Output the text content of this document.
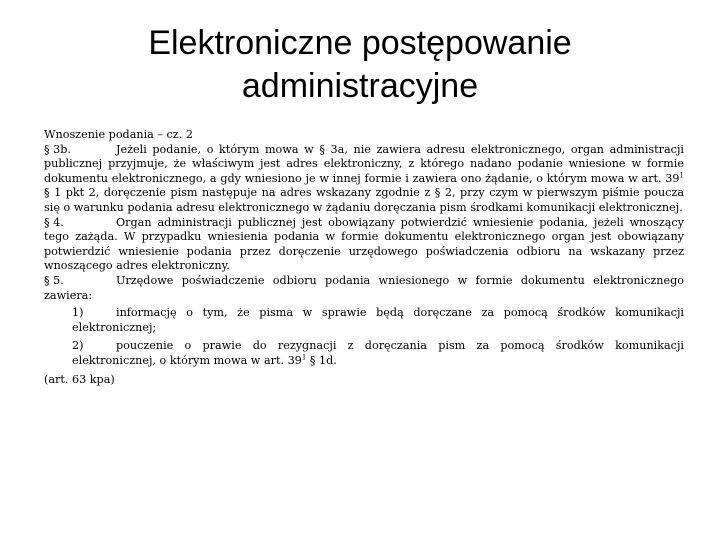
Elektroniczne postępowanie
administracyjne

Wnoszenie podania – cz. 2

§ 3b.	Jeżeli podanie, o którym mowa w § 3a, nie zawiera adresu elektronicznego, organ administracji publicznej przyjmuje, że właściwym jest adres elektroniczny, z którego nadano podanie wniesione w formie dokumentu elektronicznego, a gdy wniesiono je w innej formie i zawiera ono żądanie, o którym mowa w art. $39^1$ § 1 pkt 2, doręczenie pism następuje na adres wskazany zgodnie z § 2, przy czym w pierwszym piśmie poucza się o warunku podania adresu elektronicznego w żądaniu doręczania pism środkami komunikacji elektronicznej.

§ 4.	Organ administracji publicznej jest obowiązany potwierdzić wniesienie podania, jeżeli wnoszący tego zażąda. W przypadku wniesienia podania w formie dokumentu elektronicznego organ jest obowiązany potwierdzić wniesienie podania przez doręczenie urzędowego poświadczenia odbioru na wskazany przez wnoszącego adres elektroniczny.

§ 5.	Urzędowe poświadczenie odbioru podania wniesionego w formie dokumentu elektronicznego zawiera:

1)	informację o tym, że pisma w sprawie będą doręczane za pomocą środków komunikacji elektronicznej;

2)	pouczenie o prawie do rezygnacji z doręczania pism za pomocą środków komunikacji elektronicznej, o którym mowa w art. $39^1$ § 1d.

(art. 63 kpa)
